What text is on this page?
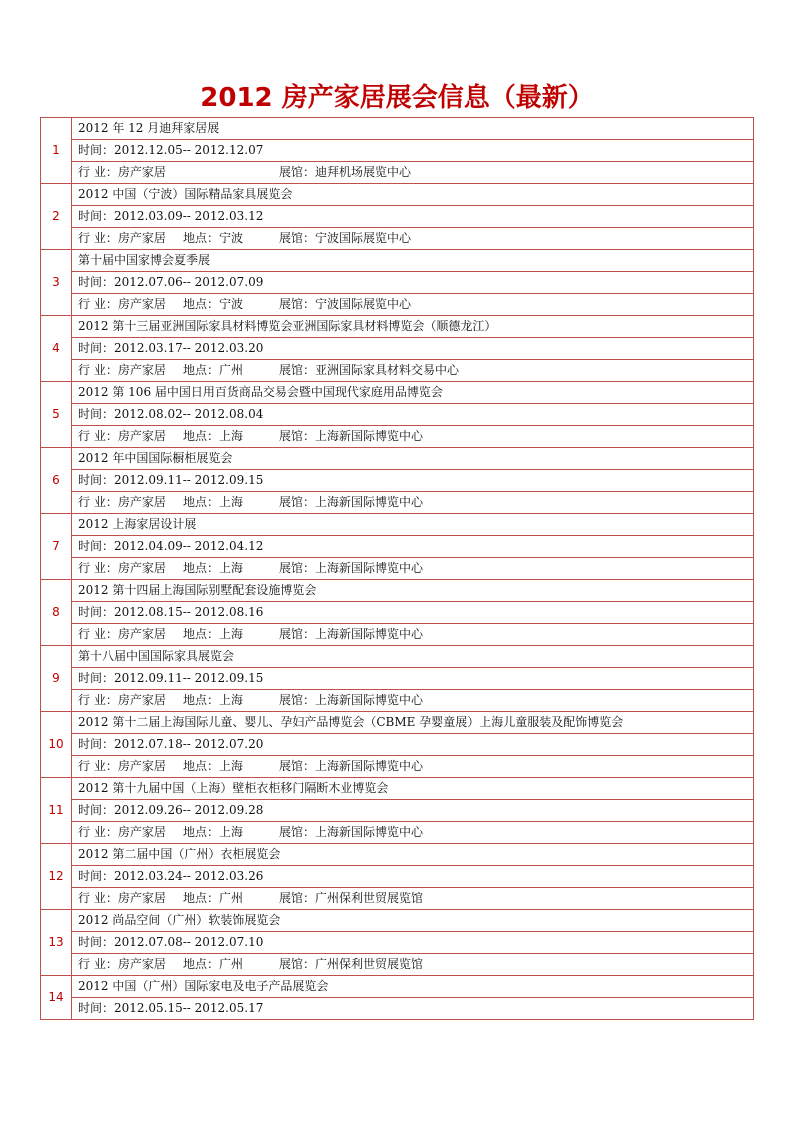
2012 房产家居展会信息（最新）
1	2012 年 12 月迪拜家居展
	时间：2012.12.05-- 2012.12.07
	行 业：房产家居 展馆：迪拜机场展览中心
2	2012 中国（宁波）国际精品家具展览会
	时间：2012.03.09-- 2012.03.12
	行 业：房产家居 地点：宁波 展馆：宁波国际展览中心
3	第十届中国家博会夏季展
	时间：2012.07.06-- 2012.07.09
	行 业：房产家居 地点：宁波 展馆：宁波国际展览中心
4	2012 第十三届亚洲国际家具材料博览会亚洲国际家具材料博览会（顺德龙江）
	时间：2012.03.17-- 2012.03.20
	行 业：房产家居 地点：广州 展馆：亚洲国际家具材料交易中心
5	2012 第 106 届中国日用百货商品交易会暨中国现代家庭用品博览会
	时间：2012.08.02-- 2012.08.04
	行 业：房产家居 地点：上海 展馆：上海新国际博览中心
6	2012 年中国国际橱柜展览会
	时间：2012.09.11-- 2012.09.15
	行 业：房产家居 地点：上海 展馆：上海新国际博览中心
7	2012 上海家居设计展
	时间：2012.04.09-- 2012.04.12
	行 业：房产家居 地点：上海 展馆：上海新国际博览中心
8	2012 第十四届上海国际别墅配套设施博览会
	时间：2012.08.15-- 2012.08.16
	行 业：房产家居 地点：上海 展馆：上海新国际博览中心
9	第十八届中国国际家具展览会
	时间：2012.09.11-- 2012.09.15
	行 业：房产家居 地点：上海 展馆：上海新国际博览中心
10	2012 第十二届上海国际儿童、婴儿、孕妇产品博览会（CBME 孕婴童展）上海儿童服装及配饰博览会
	时间：2012.07.18-- 2012.07.20
	行 业：房产家居 地点：上海 展馆：上海新国际博览中心
11	2012 第十九届中国（上海）壁柜衣柜移门隔断木业博览会
	时间：2012.09.26-- 2012.09.28
	行 业：房产家居 地点：上海 展馆：上海新国际博览中心
12	2012 第二届中国（广州）衣柜展览会
	时间：2012.03.24-- 2012.03.26
	行 业：房产家居 地点：广州 展馆：广州保利世贸展览馆
13	2012 尚品空间（广州）软装饰展览会
	时间：2012.07.08-- 2012.07.10
	行 业：房产家居 地点：广州 展馆：广州保利世贸展览馆
14	2012 中国（广州）国际家电及电子产品展览会
	时间：2012.05.15-- 2012.05.17
